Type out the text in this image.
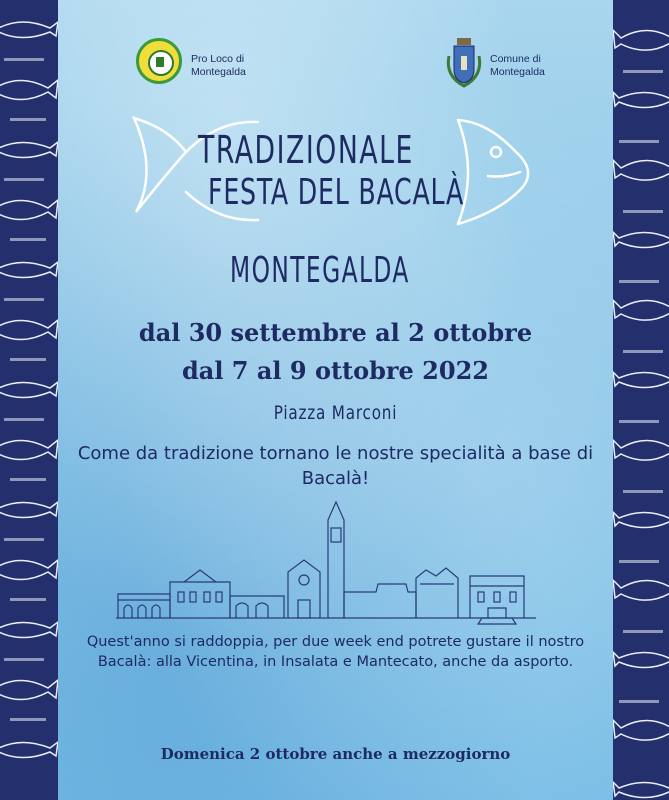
Pro Loco di Montegalda
Comune di Montegalda
TRADIZIONALE
FESTA DEL BACALÀ
MONTEGALDA
dal 30 settembre al 2 ottobre
dal 7 al 9 ottobre 2022
Piazza Marconi
Come da tradizione tornano le nostre specialità a base di Bacalà!
Quest'anno si raddoppia, per due week end potrete gustare il nostro Bacalà: alla Vicentina, in Insalata e Mantecato, anche da asporto.
Domenica 2 ottobre anche a mezzogiorno
